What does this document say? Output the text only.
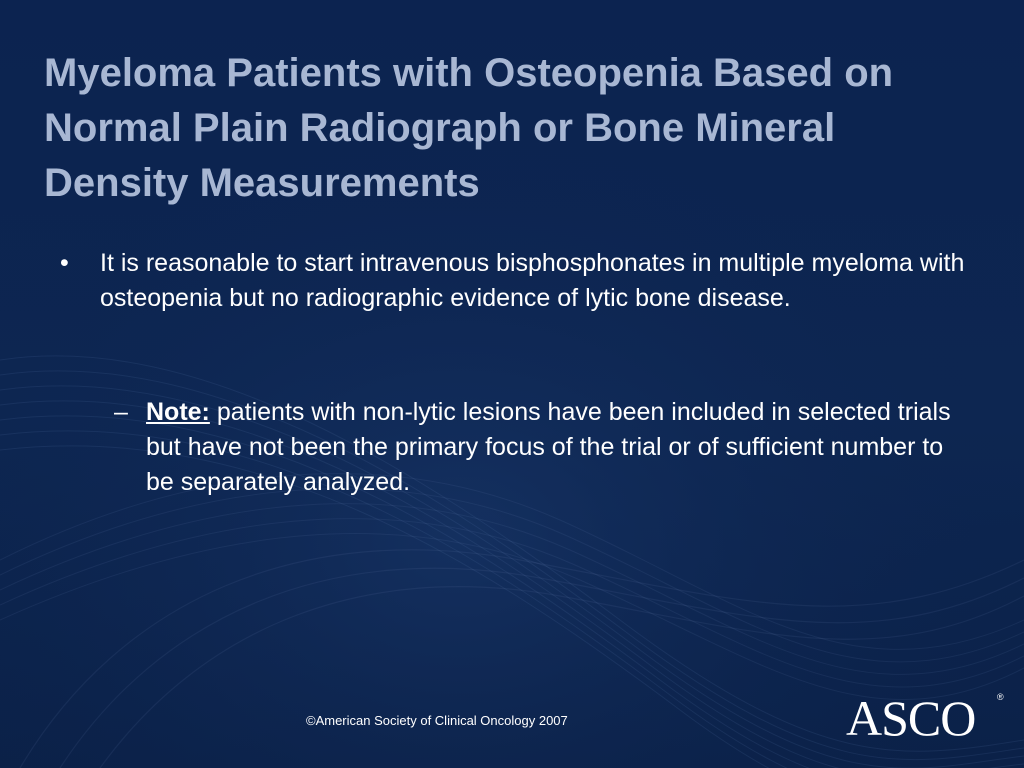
Myeloma Patients with Osteopenia Based on Normal Plain Radiograph or Bone Mineral Density Measurements
• It is reasonable to start intravenous bisphosphonates in multiple myeloma with osteopenia but no radiographic evidence of lytic bone disease.
– Note: patients with non-lytic lesions have been included in selected trials but have not been the primary focus of the trial or of sufficient number to be separately analyzed.
©American Society of Clinical Oncology 2007	ASCO ®
